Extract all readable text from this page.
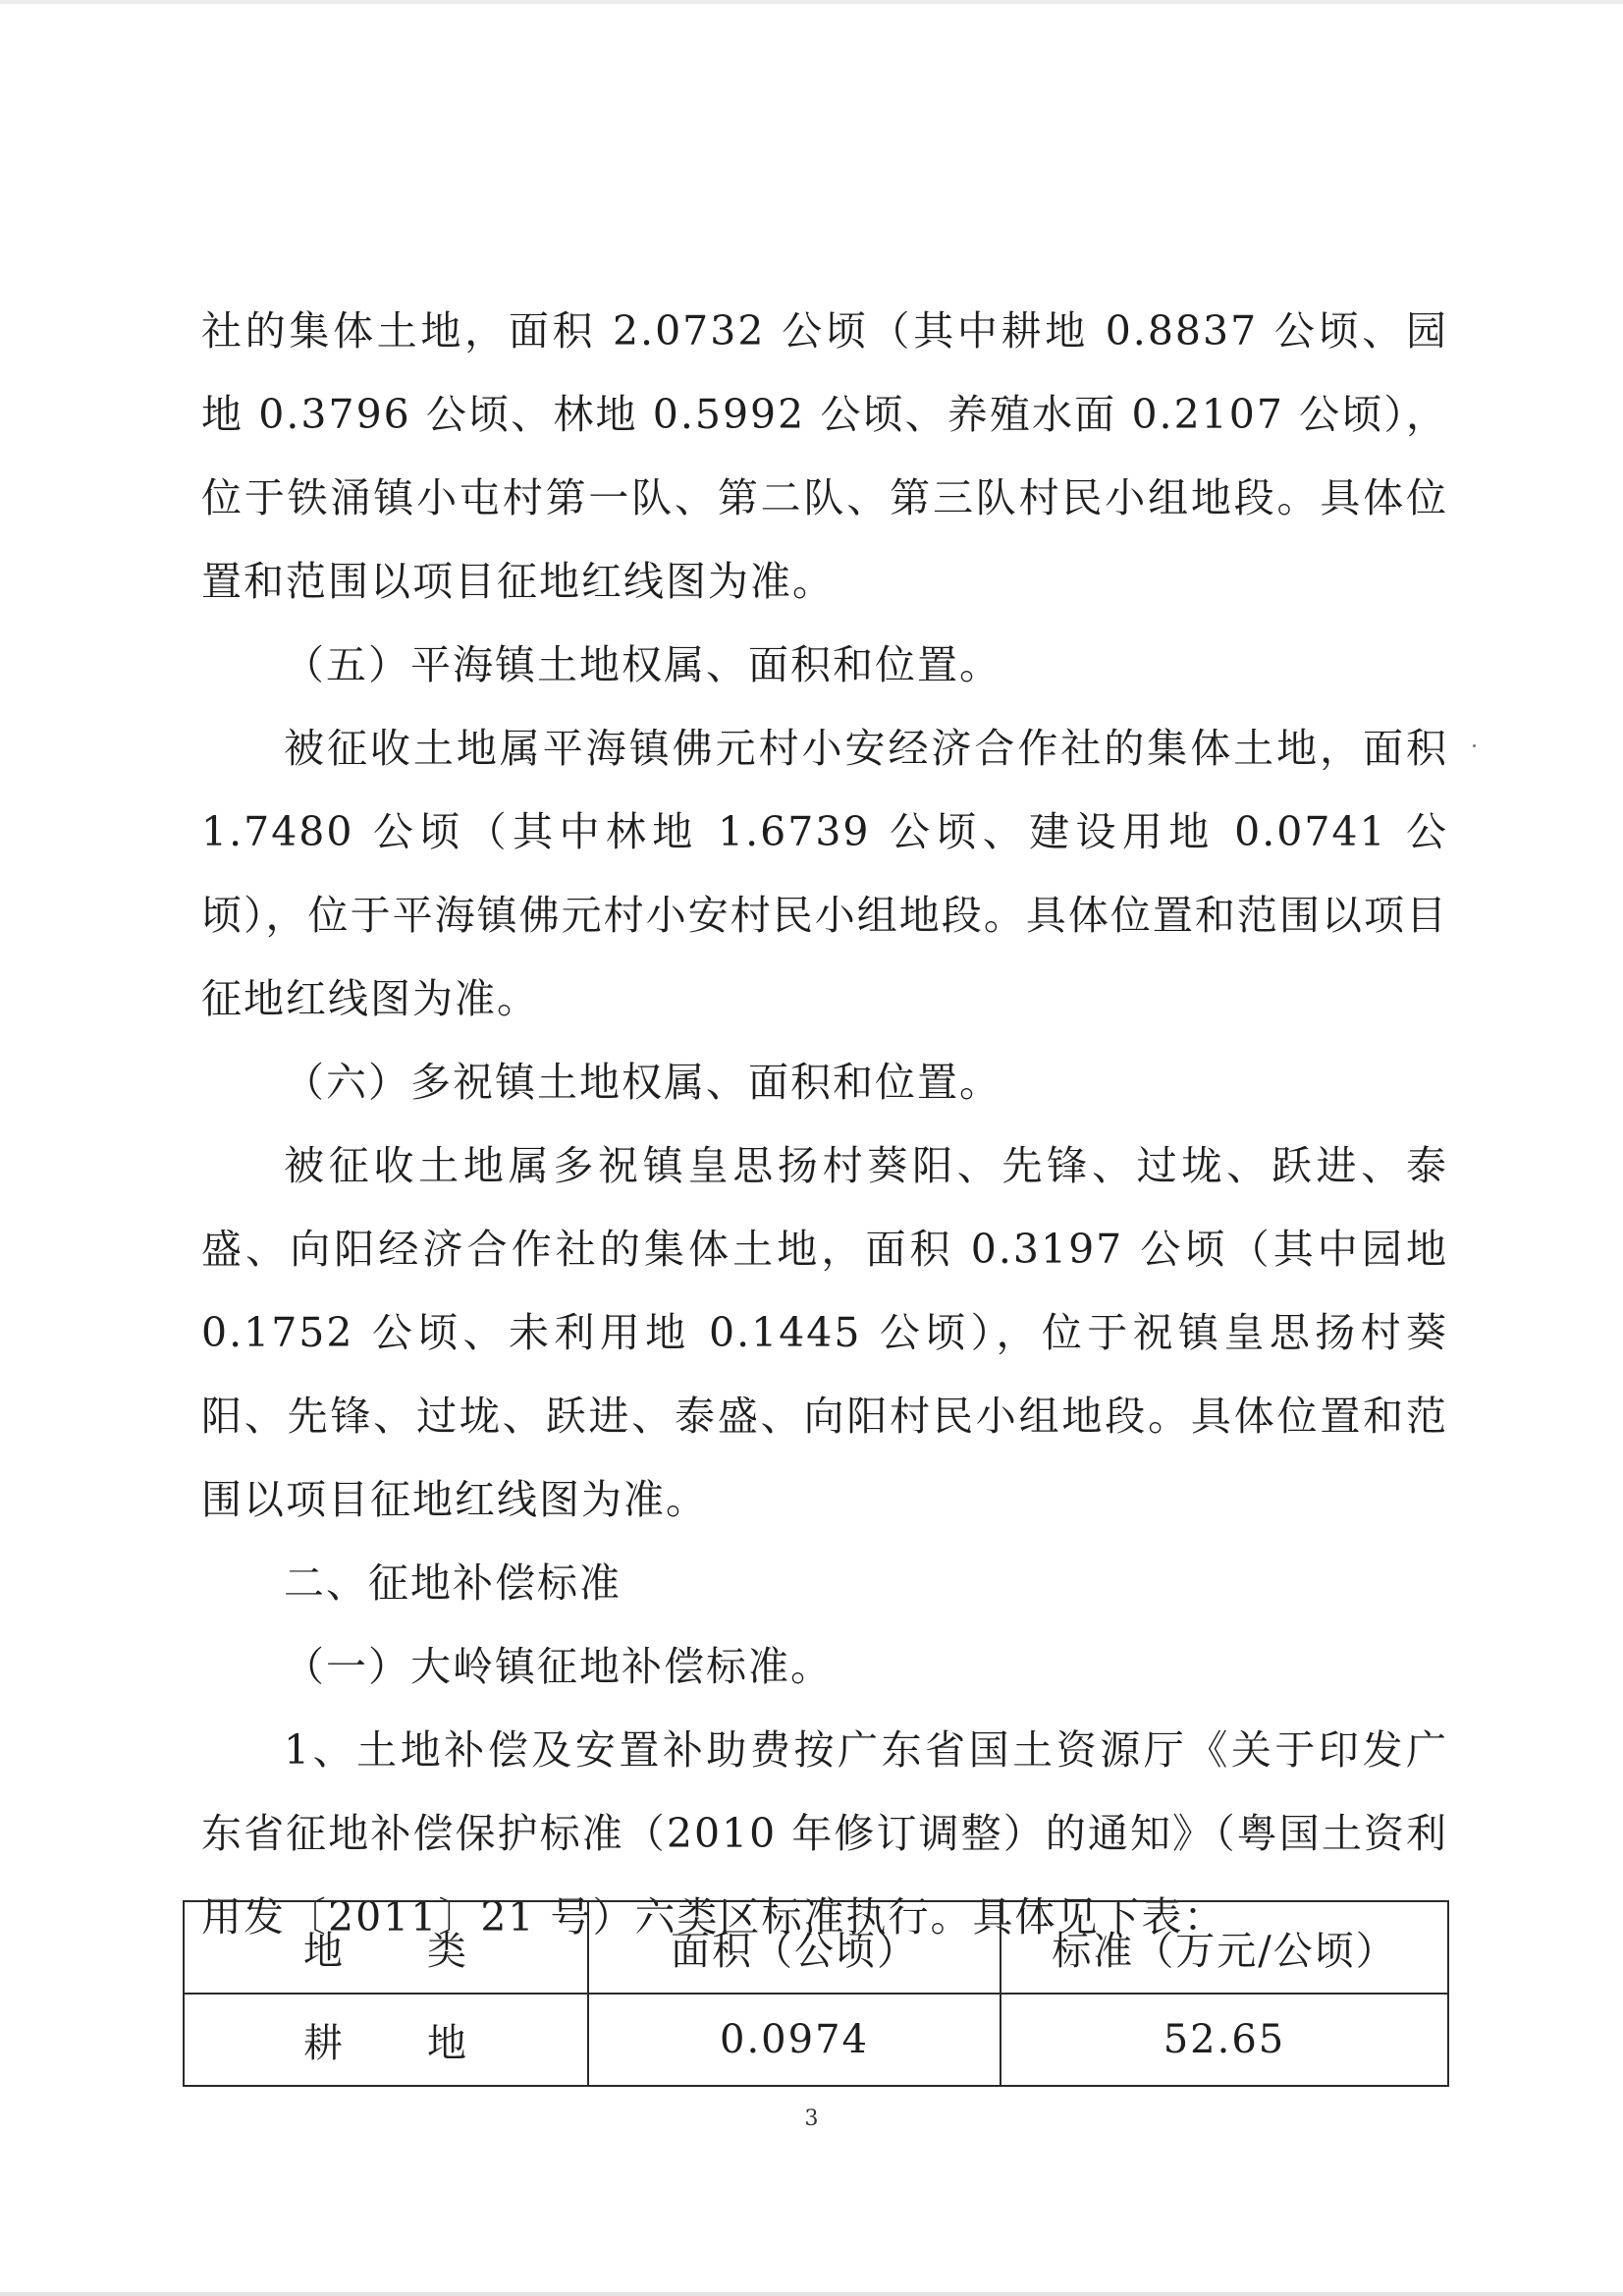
社的集体土地，面积 2.0732 公顷（其中耕地 0.8837 公顷、园地 0.3796 公顷、林地 0.5992 公顷、养殖水面 0.2107 公顷），位于铁涌镇小屯村第一队、第二队、第三队村民小组地段。具体位置和范围以项目征地红线图为准。

（五）平海镇土地权属、面积和位置。

被征收土地属平海镇佛元村小安经济合作社的集体土地，面积 1.7480 公顷（其中林地 1.6739 公顷、建设用地 0.0741 公顷），位于平海镇佛元村小安村民小组地段。具体位置和范围以项目征地红线图为准。

（六）多祝镇土地权属、面积和位置。

被征收土地属多祝镇皇思扬村葵阳、先锋、过垅、跃进、泰盛、向阳经济合作社的集体土地，面积 0.3197 公顷（其中园地 0.1752 公顷、未利用地 0.1445 公顷），位于祝镇皇思扬村葵阳、先锋、过垅、跃进、泰盛、向阳村民小组地段。具体位置和范围以项目征地红线图为准。

二、征地补偿标准

（一）大岭镇征地补偿标准。

1、土地补偿及安置补助费按广东省国土资源厅《关于印发广东省征地补偿保护标准（2010 年修订调整）的通知》（粤国土资利用发〔2011〕21 号）六类区标准执行。具体见下表：

地　　类	面积（公顷）	标准（万元/公顷）
耕　　地	0.0974	52.65
3
